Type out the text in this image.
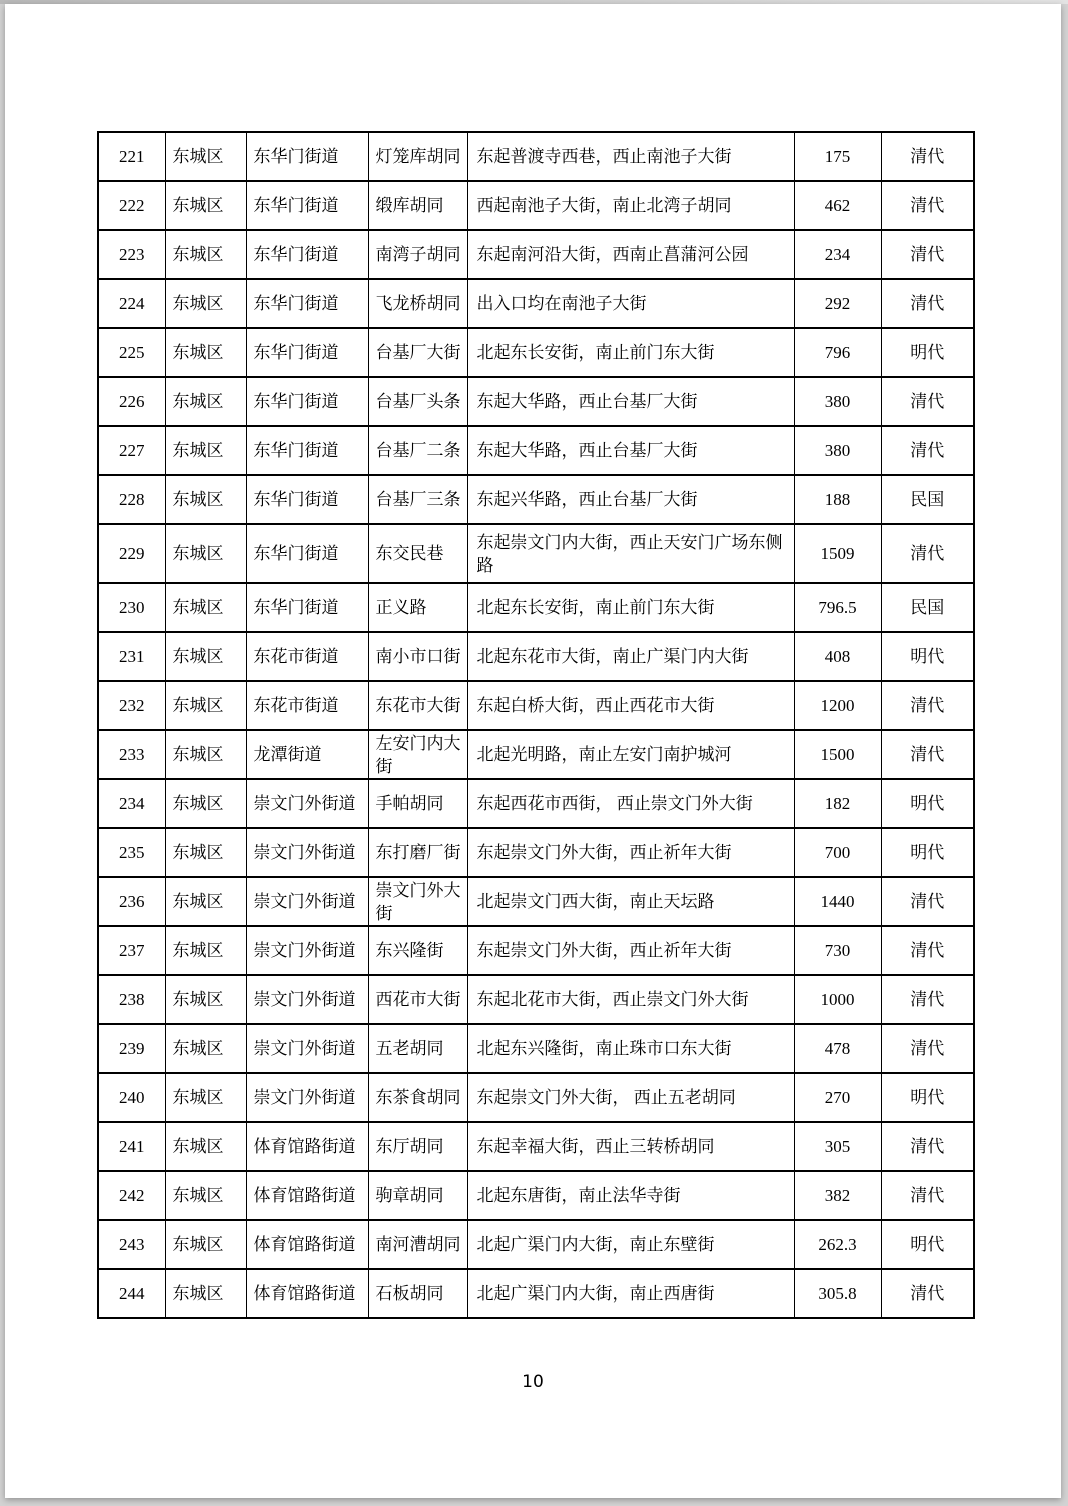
221	东城区	东华门街道	灯笼库胡同	东起普渡寺西巷，西止南池子大街	175	清代
222	东城区	东华门街道	缎库胡同	西起南池子大街，南止北湾子胡同	462	清代
223	东城区	东华门街道	南湾子胡同	东起南河沿大街，西南止菖蒲河公园	234	清代
224	东城区	东华门街道	飞龙桥胡同	出入口均在南池子大街	292	清代
225	东城区	东华门街道	台基厂大街	北起东长安街，南止前门东大街	796	明代
226	东城区	东华门街道	台基厂头条	东起大华路，西止台基厂大街	380	清代
227	东城区	东华门街道	台基厂二条	东起大华路，西止台基厂大街	380	清代
228	东城区	东华门街道	台基厂三条	东起兴华路，西止台基厂大街	188	民国
229	东城区	东华门街道	东交民巷	东起崇文门内大街，西止天安门广场东侧路	1509	清代
230	东城区	东华门街道	正义路	北起东长安街，南止前门东大街	796.5	民国
231	东城区	东花市街道	南小市口街	北起东花市大街，南止广渠门内大街	408	明代
232	东城区	东花市街道	东花市大街	东起白桥大街，西止西花市大街	1200	清代
233	东城区	龙潭街道	左安门内大街	北起光明路，南止左安门南护城河	1500	清代
234	东城区	崇文门外街道	手帕胡同	东起西花市西街， 西止崇文门外大街	182	明代
235	东城区	崇文门外街道	东打磨厂街	东起崇文门外大街，西止祈年大街	700	明代
236	东城区	崇文门外街道	崇文门外大街	北起崇文门西大街，南止天坛路	1440	清代
237	东城区	崇文门外街道	东兴隆街	东起崇文门外大街，西止祈年大街	730	清代
238	东城区	崇文门外街道	西花市大街	东起北花市大街，西止崇文门外大街	1000	清代
239	东城区	崇文门外街道	五老胡同	北起东兴隆街，南止珠市口东大街	478	清代
240	东城区	崇文门外街道	东茶食胡同	东起崇文门外大街， 西止五老胡同	270	明代
241	东城区	体育馆路街道	东厅胡同	东起幸福大街，西止三转桥胡同	305	清代
242	东城区	体育馆路街道	驹章胡同	北起东唐街，南止法华寺街	382	清代
243	东城区	体育馆路街道	南河漕胡同	北起广渠门内大街，南止东壁街	262.3	明代
244	东城区	体育馆路街道	石板胡同	北起广渠门内大街，南止西唐街	305.8	清代
10
